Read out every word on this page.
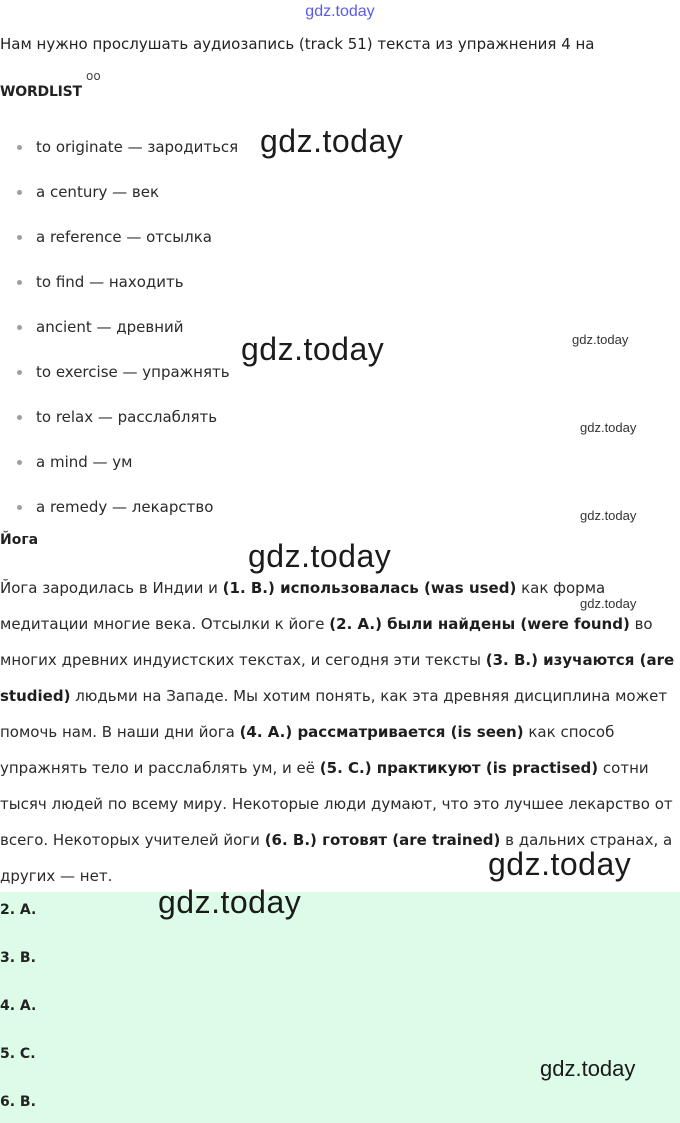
gdz.today
Нам нужно прослушать аудиозапись (track 51) текста из упражнения 4 на
oo
WORDLIST
to originate — зародиться
a century — век
a reference — отсылка
to find — находить
ancient — древний
to exercise — упражнять
to relax — расслаблять
a mind — ум
a remedy — лекарство
Йога

Йога зародилась в Индии и (1. B.) использовалась (was used) как форма медитации многие века. Отсылки к йоге (2. A.) были найдены (were found) во многих древних индуистских текстах, и сегодня эти тексты (3. B.) изучаются (are studied) людьми на Западе. Мы хотим понять, как эта древняя дисциплина может помочь нам. В наши дни йога (4. A.) рассматривается (is seen) как способ упражнять тело и расслаблять ум, и её (5. C.) практикуют (is practised) сотни тысяч людей по всему миру. Некоторые люди думают, что это лучшее лекарство от всего. Некоторых учителей йоги (6. B.) готовят (are trained) в дальних странах, а других — нет.

2. A.
3. B.
4. A.
5. C.
6. B.
gdz.today
gdz.today
gdz.today
gdz.today
gdz.today
gdz.today
gdz.today
gdz.today
gdz.today
gdz.today
